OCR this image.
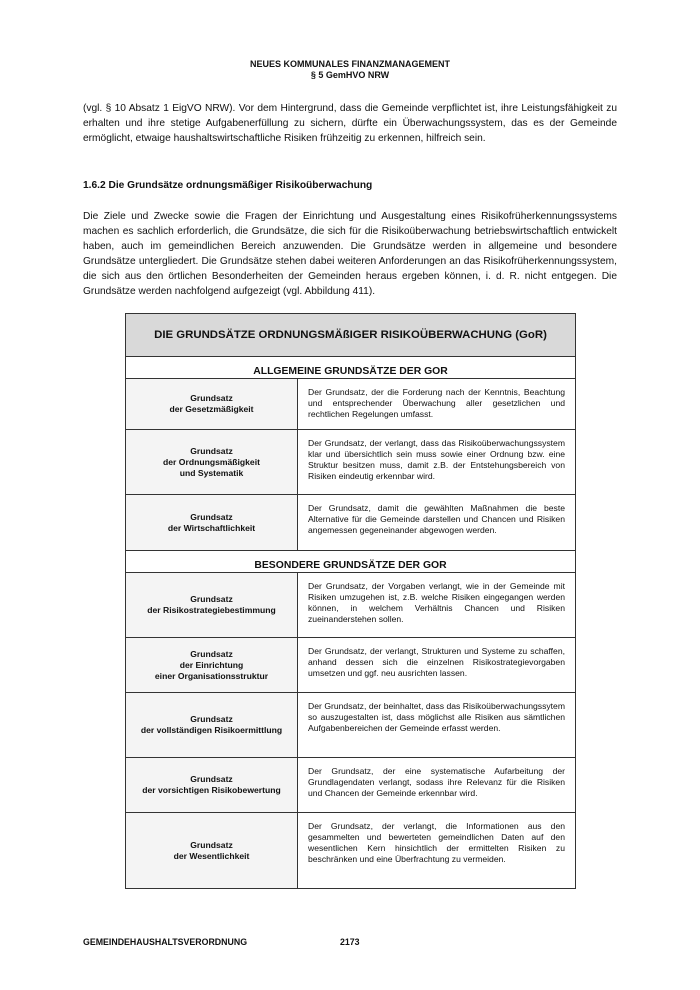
NEUES KOMMUNALES FINANZMANAGEMENT
§ 5 GemHVO NRW
(vgl. § 10 Absatz 1 EigVO NRW). Vor dem Hintergrund, dass die Gemeinde verpflichtet ist, ihre Leistungsfähigkeit zu erhalten und ihre stetige Aufgabenerfüllung zu sichern, dürfte ein Überwachungssystem, das es der Gemeinde ermöglicht, etwaige haushaltswirtschaftliche Risiken frühzeitig zu erkennen, hilfreich sein.
1.6.2 Die Grundsätze ordnungsmäßiger Risikoüberwachung
Die Ziele und Zwecke sowie die Fragen der Einrichtung und Ausgestaltung eines Risikofrüherkennungssystems machen es sachlich erforderlich, die Grundsätze, die sich für die Risikoüberwachung betriebswirtschaftlich entwickelt haben, auch im gemeindlichen Bereich anzuwenden. Die Grundsätze werden in allgemeine und besondere Grundsätze untergliedert. Die Grundsätze stehen dabei weiteren Anforderungen an das Risikofrüherkennungssystem, die sich aus den örtlichen Besonderheiten der Gemeinden heraus ergeben können, i. d. R. nicht entgegen. Die Grundsätze werden nachfolgend aufgezeigt (vgl. Abbildung 411).
DIE GRUNDSÄTZE ORDNUNGSMÄßIGER RISIKOÜBERWACHUNG (GoR)
ALLGEMEINE GRUNDSÄTZE DER GOR
Grundsatz
der Gesetzmäßigkeit
Der Grundsatz, der die Forderung nach der Kenntnis, Beachtung und entsprechender Überwachung aller gesetzlichen und rechtlichen Regelungen umfasst.
Grundsatz
der Ordnungsmäßigkeit
und Systematik
Der Grundsatz, der verlangt, dass das Risikoüberwachungssystem klar und übersichtlich sein muss sowie einer Ordnung bzw. eine Struktur besitzen muss, damit z.B. der Entstehungsbereich von Risiken eindeutig erkennbar wird.
Grundsatz
der Wirtschaftlichkeit
Der Grundsatz, damit die gewählten Maßnahmen die beste Alternative für die Gemeinde darstellen und Chancen und Risiken angemessen gegeneinander abgewogen werden.
BESONDERE GRUNDSÄTZE DER GOR
Grundsatz
der Risikostrategiebestimmung
Der Grundsatz, der Vorgaben verlangt, wie in der Gemeinde mit Risiken umzugehen ist, z.B. welche Risiken eingegangen werden können, in welchem Verhältnis Chancen und Risiken zueinanderstehen sollen.
Grundsatz
der Einrichtung
einer Organisationsstruktur
Der Grundsatz, der verlangt, Strukturen und Systeme zu schaffen, anhand dessen sich die einzelnen Risikostrategievorgaben umsetzen und ggf. neu ausrichten lassen.
Grundsatz
der vollständigen Risikoermittlung
Der Grundsatz, der beinhaltet, dass das Risikoüberwachungssytem so auszugestalten ist, dass möglichst alle Risiken aus sämtlichen Aufgabenbereichen der Gemeinde erfasst werden.
Grundsatz
der vorsichtigen Risikobewertung
Der Grundsatz, der eine systematische Aufarbeitung der Grundlagendaten verlangt, sodass ihre Relevanz für die Risiken und Chancen der Gemeinde erkennbar wird.
Grundsatz
der Wesentlichkeit
Der Grundsatz, der verlangt, die Informationen aus den gesammelten und bewerteten gemeindlichen Daten auf den wesentlichen Kern hinsichtlich der ermittelten Risiken zu beschränken und eine Überfrachtung zu vermeiden.
GEMEINDEHAUSHALTSVERORDNUNG	2173
